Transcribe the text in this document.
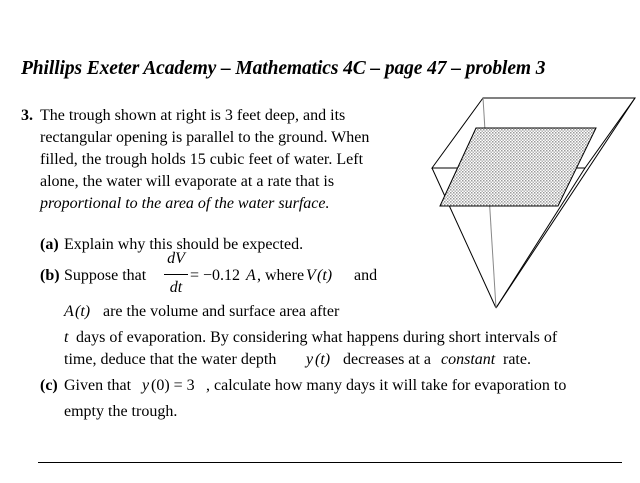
Phillips Exeter Academy – Mathematics 4C – page 47 – problem 3
3. The trough shown at right is 3 feet deep, and its
rectangular opening is parallel to the ground. When
filled, the trough holds 15 cubic feet of water. Left
alone, the water will evaporate at a rate that is
proportional to the area of the water surface.
(a) Explain why this should be expected.
(b) Suppose that
dV
dt
= −0.12 A , where V (t) and
A (t) are the volume and surface area after
t days of evaporation. By considering what happens during short intervals of
time, deduce that the water depth y (t) decreases at a constant rate.
(c) Given that y (0) = 3 , calculate how many days it will take for evaporation to
empty the trough.
